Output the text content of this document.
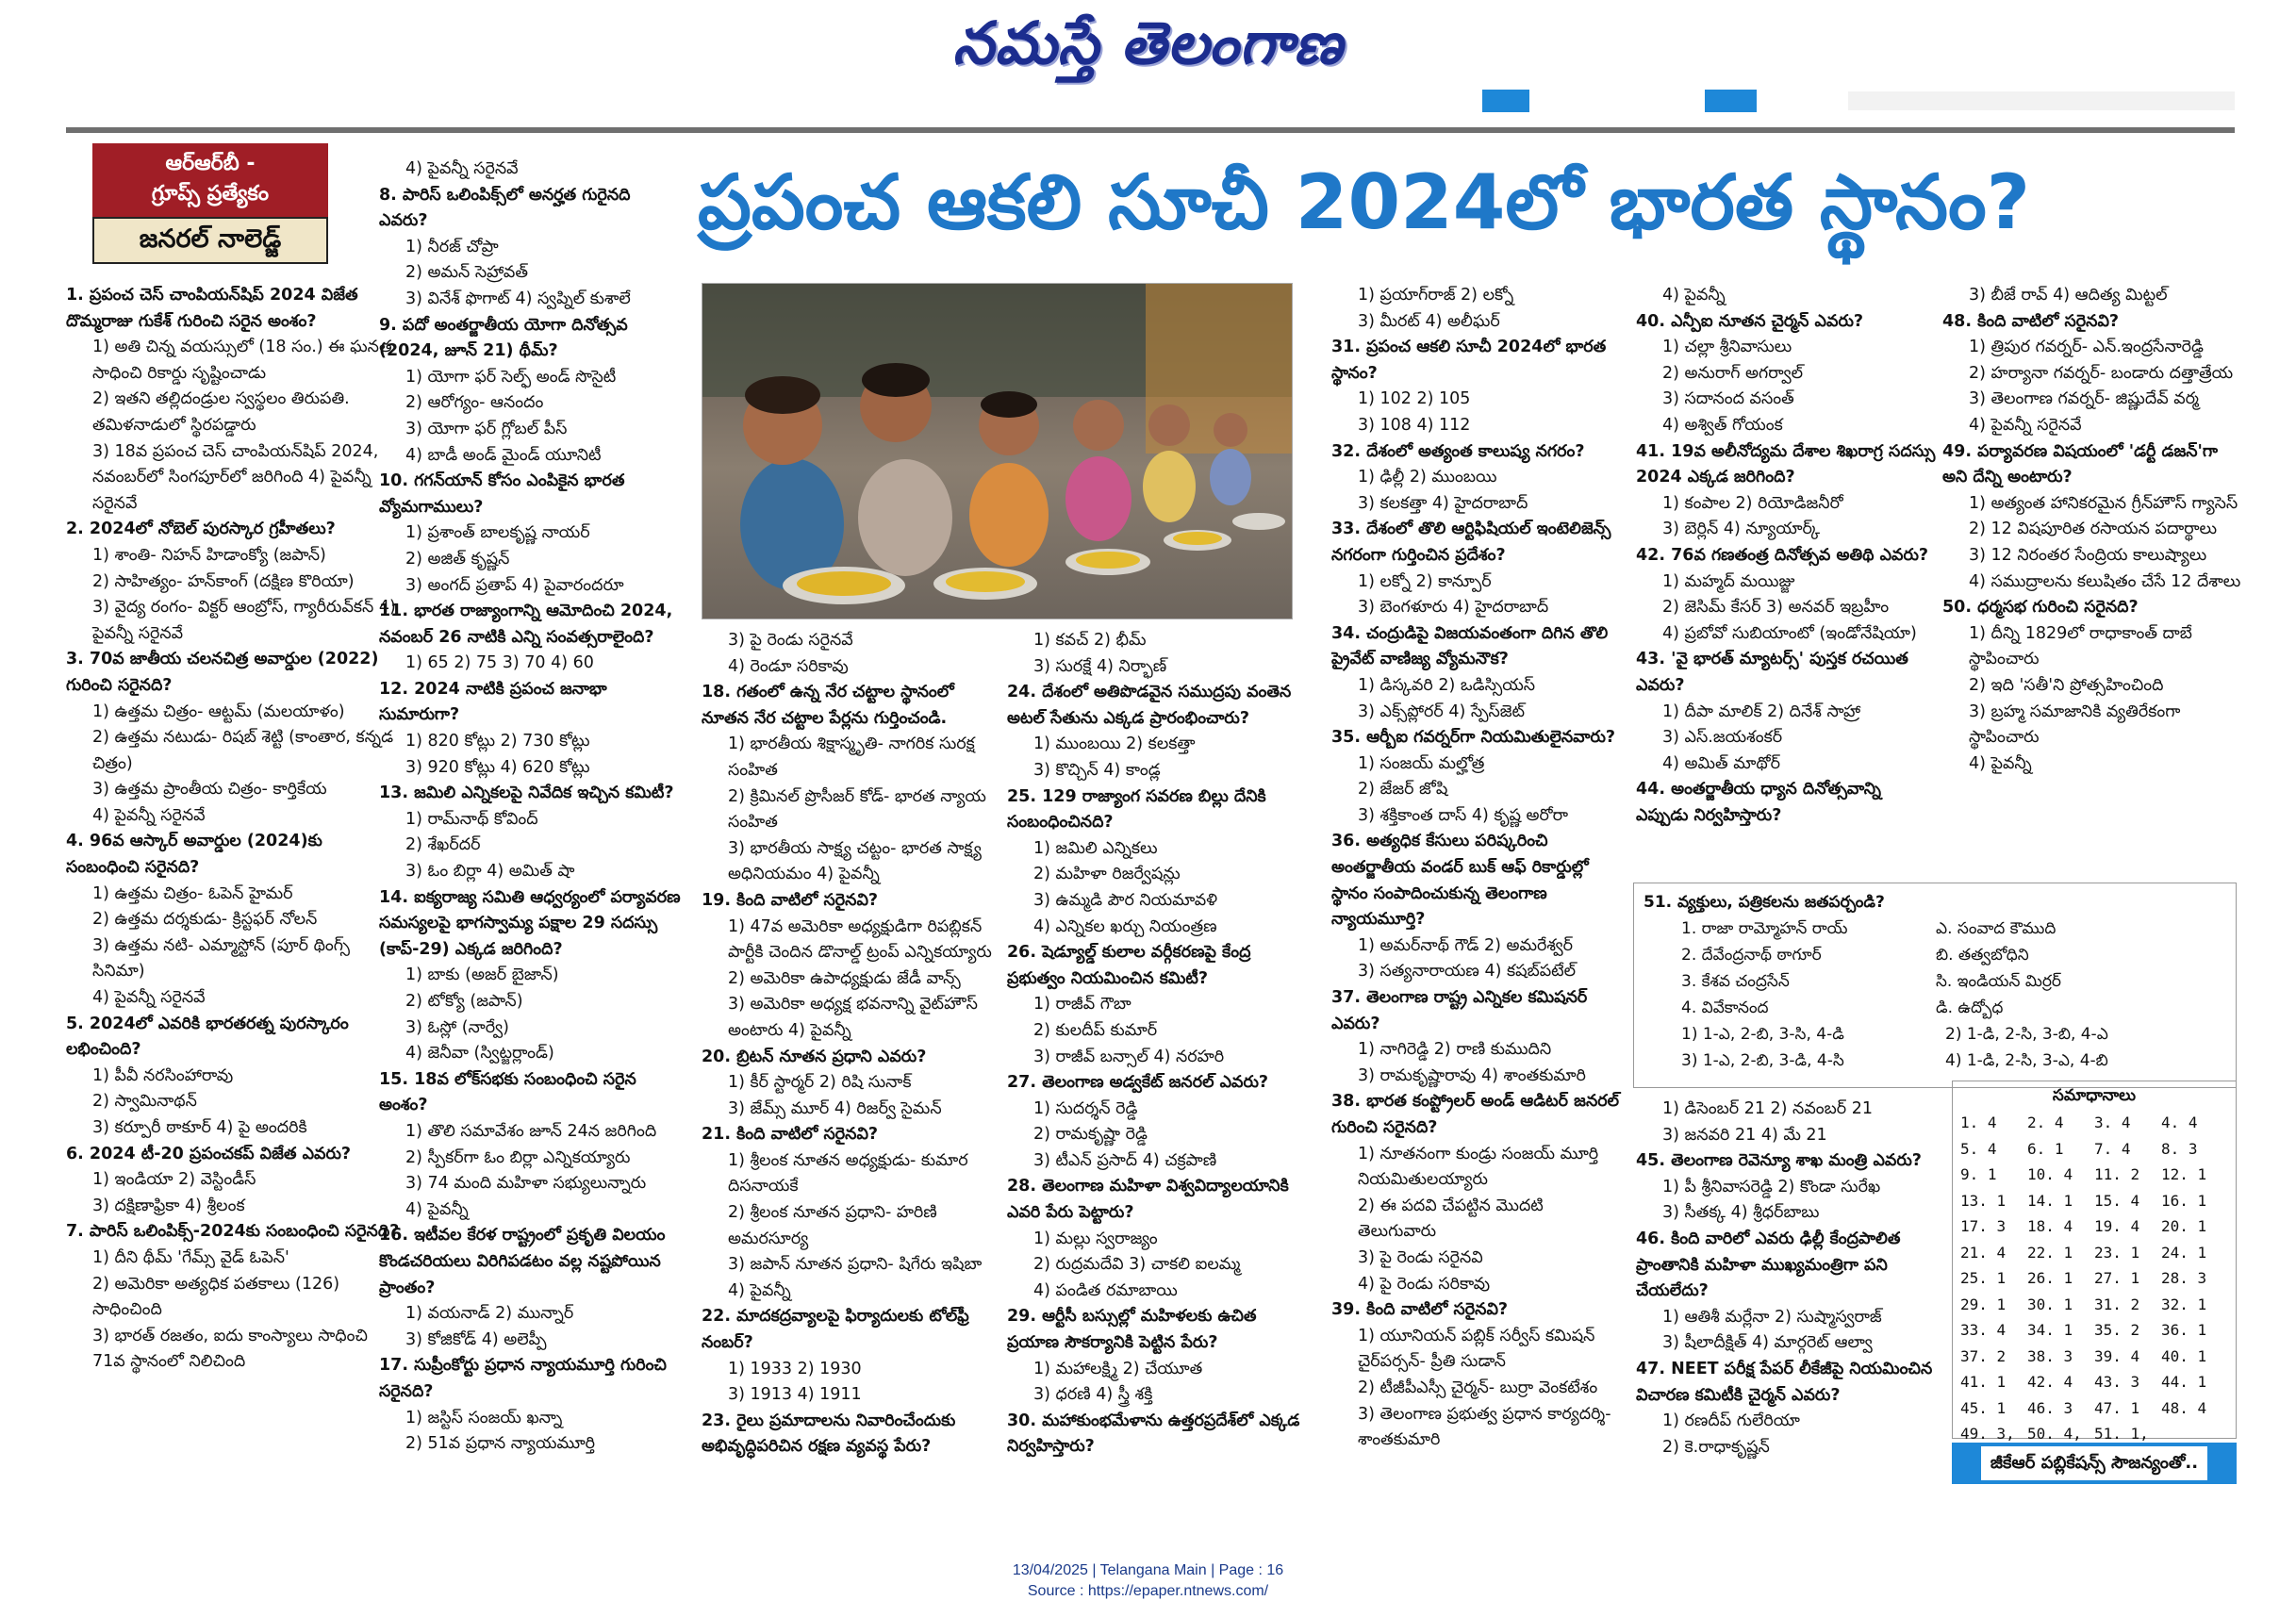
నమస్తే తెలంగాణ
ఆర్ఆర్‌బీ -
గ్రూప్స్ ప్రత్యేకం
జనరల్ నాలెడ్జ్	ప్రపంచ ఆకలి సూచీ 2024లో భారత స్థానం?
1. ప్రపంచ చెస్ చాంపియన్‌షిప్ 2024 విజేత దొమ్మరాజు గుకేశ్ గురించి సరైన అంశం?
1) అతి చిన్న వయస్సులో (18 సం.) ఈ ఘనత సాధించి రికార్డు సృష్టించాడు
2) ఇతని తల్లిదండ్రుల స్వస్థలం తిరుపతి. తమిళనాడులో స్థిరపడ్డారు
3) 18వ ప్రపంచ చెస్ చాంపియన్‌షిప్ 2024, నవంబర్‌లో సింగపూర్‌లో జరిగింది 4) పైవన్నీ సరైనవే
2. 2024లో నోబెల్ పురస్కార గ్రహీతలు?
1) శాంతి- నిహన్ హిడాంక్యో (జపాన్)
2) సాహిత్యం- హన్‌కాంగ్ (దక్షిణ కొరియా)
3) వైద్య రంగం- విక్టర్ ఆంబ్రోస్, గ్యారీరువ్‌కన్ 4) పైవన్నీ సరైనవే
3. 70వ జాతీయ చలనచిత్ర అవార్డుల (2022) గురించి సరైనది?
1) ఉత్తమ చిత్రం- ఆట్టమ్ (మలయాళం)
2) ఉత్తమ నటుడు- రిషబ్ శెట్టి (కాంతార, కన్నడ చిత్రం)
3) ఉత్తమ ప్రాంతీయ చిత్రం- కార్తికేయ
4) పైవన్నీ సరైనవే
4. 96వ ఆస్కార్ అవార్డుల (2024)కు సంబంధించి సరైనది?
1) ఉత్తమ చిత్రం- ఓపెన్ హైమర్
2) ఉత్తమ దర్శకుడు- క్రిస్టఫర్ నోలన్
3) ఉత్తమ నటి- ఎమ్మాస్టోన్ (పూర్ థింగ్స్ సినిమా)
4) పైవన్నీ సరైనవే
5. 2024లో ఎవరికి భారతరత్న పురస్కారం లభించింది?
1) పీవీ నరసింహారావు
2) స్వామినాథన్
3) కర్పూరీ ఠాకూర్ 4) పై అందరికి
6. 2024 టీ-20 ప్రపంచకప్ విజేత ఎవరు?
1) ఇండియా 2) వెస్టిండీస్
3) దక్షిణాఫ్రికా 4) శ్రీలంక
7. పారిస్ ఒలింపిక్స్-2024కు సంబంధించి సరైనది?
1) దీని థీమ్ 'గేమ్స్ వైడ్ ఓపెన్'
2) అమెరికా అత్యధిక పతకాలు (126) సాధించింది
3) భారత్ రజతం, ఐదు కాంస్యాలు సాధించి 71వ స్థానంలో నిలిచింది
4) పైవన్నీ సరైనవే
8. పారిస్ ఒలింపిక్స్‌లో అనర్హత గురైనది ఎవరు?
1) నీరజ్ చోప్రా
2) అమన్ సెహ్రావత్
3) వినేశ్ ఫొగాట్ 4) స్వప్నిల్ కుశాలే
9. పదో అంతర్జాతీయ యోగా దినోత్సవ (2024, జూన్ 21) థీమ్?
1) యోగా ఫర్ సెల్ఫ్ అండ్ సొసైటీ
2) ఆరోగ్యం- ఆనందం
3) యోగా ఫర్ గ్లోబల్ పీస్
4) బాడీ అండ్ మైండ్ యూనిటీ
10. గగన్‌యాన్ కోసం ఎంపికైన భారత వ్యోమగాములు?
1) ప్రశాంత్ బాలకృష్ణ నాయర్
2) అజిత్ కృష్ణన్
3) అంగద్ ప్రతాప్ 4) పైవారందరూ
11. భారత రాజ్యాంగాన్ని ఆమోదించి 2024, నవంబర్ 26 నాటికి ఎన్ని సంవత్సరాలైంది?
1) 65 2) 75 3) 70 4) 60
12. 2024 నాటికి ప్రపంచ జనాభా సుమారుగా?
1) 820 కోట్లు 2) 730 కోట్లు
3) 920 కోట్లు 4) 620 కోట్లు
13. జమిలి ఎన్నికలపై నివేదిక ఇచ్చిన కమిటీ?
1) రామ్‌నాథ్ కోవింద్
2) శేఖర్‌దర్
3) ఓం బిర్లా 4) అమిత్ షా
14. ఐక్యరాజ్య సమితి ఆధ్వర్యంలో పర్యావరణ సమస్యలపై భాగస్వామ్య పక్షాల 29 సదస్సు (కాప్-29) ఎక్కడ జరిగింది?
1) బాకు (అజర్ బైజాన్)
2) టోక్యో (జపాన్)
3) ఓస్లో (నార్వే)
4) జెనీవా (స్విట్జర్లాండ్)
15. 18వ లోక్‌సభకు సంబంధించి సరైన అంశం?
1) తొలి సమావేశం జూన్ 24న జరిగింది
2) స్పీకర్‌గా ఓం బిర్లా ఎన్నికయ్యారు
3) 74 మంది మహిళా సభ్యులున్నారు
4) పైవన్నీ
16. ఇటీవల కేరళ రాష్ట్రంలో ప్రకృతి విలయం కొండచరియలు విరిగిపడటం వల్ల నష్టపోయిన ప్రాంతం?
1) వయనాడ్ 2) మున్నార్
3) కోజికోడ్ 4) అలెప్పీ
17. సుప్రీంకోర్టు ప్రధాన న్యాయమూర్తి గురించి సరైనది?
1) జస్టిస్ సంజయ్ ఖన్నా
2) 51వ ప్రధాన న్యాయమూర్తి
3) పై రెండు సరైనవే
4) రెండూ సరికావు
18. గతంలో ఉన్న నేర చట్టాల స్థానంలో నూతన నేర చట్టాల పేర్లను గుర్తించండి.
1) భారతీయ శిక్షాస్మృతి- నాగరిక సురక్ష సంహిత
2) క్రిమినల్ ప్రొసీజర్ కోడ్- భారత న్యాయ సంహిత
3) భారతీయ సాక్ష్య చట్టం- భారత సాక్ష్య అధినియమం 4) పైవన్నీ
19. కింది వాటిలో సరైనవి?
1) 47వ అమెరికా అధ్యక్షుడిగా రిపబ్లికన్ పార్టీకి చెందిన డొనాల్డ్ ట్రంప్ ఎన్నికయ్యారు
2) అమెరికా ఉపాధ్యక్షుడు జేడీ వాన్స్
3) అమెరికా అధ్యక్ష భవనాన్ని వైట్‌హౌస్ అంటారు 4) పైవన్నీ
20. బ్రిటన్ నూతన ప్రధాని ఎవరు?
1) కీర్ స్టార్మర్ 2) రిషి సునాక్
3) జేమ్స్ మూర్ 4) రిజర్వ్ సైమన్
21. కింది వాటిలో సరైనవి?
1) శ్రీలంక నూతన అధ్యక్షుడు- కుమార దిసనాయకే
2) శ్రీలంక నూతన ప్రధాని- హరిణి అమరసూర్య
3) జపాన్ నూతన ప్రధాని- షిగేరు ఇషిబా 4) పైవన్నీ
22. మాదకద్రవ్యాలపై ఫిర్యాదులకు టోల్‌ఫ్రీ నంబర్?
1) 1933 2) 1930
3) 1913 4) 1911
23. రైలు ప్రమాదాలను నివారించేందుకు అభివృద్ధిపరిచిన రక్షణ వ్యవస్థ పేరు?
1) కవచ్ 2) భీమ్
3) సురక్షే 4) నిర్భాణ్
24. దేశంలో అతిపొడవైన సముద్రపు వంతెన అటల్ సేతును ఎక్కడ ప్రారంభించారు?
1) ముంబయి 2) కలకత్తా
3) కొచ్చిన్ 4) కాండ్ల
25. 129 రాజ్యాంగ సవరణ బిల్లు దేనికి సంబంధించినది?
1) జమిలి ఎన్నికలు
2) మహిళా రిజర్వేషన్లు
3) ఉమ్మడి పౌర నియమావళి
4) ఎన్నికల ఖర్చు నియంత్రణ
26. షెడ్యూల్డ్ కులాల వర్గీకరణపై కేంద్ర ప్రభుత్వం నియమించిన కమిటీ?
1) రాజీవ్ గౌబా
2) కులదీప్ కుమార్
3) రాజీవ్ బన్సాల్ 4) నరహరి
27. తెలంగాణ అడ్వకేట్ జనరల్ ఎవరు?
1) సుదర్శన్ రెడ్డి
2) రామకృష్ణా రెడ్డి
3) టీఎన్ ప్రసాద్ 4) చక్రపాణి
28. తెలంగాణ మహిళా విశ్వవిద్యాలయానికి ఎవరి పేరు పెట్టారు?
1) మల్లు స్వరాజ్యం
2) రుద్రమదేవి 3) చాకలి ఐలమ్మ
4) పండిత రమాబాయి
29. ఆర్టీసీ బస్సుల్లో మహిళలకు ఉచిత ప్రయాణ సౌకర్యానికి పెట్టిన పేరు?
1) మహాలక్ష్మి 2) చేయూత
3) ధరణి 4) స్త్రీ శక్తి
30. మహాకుంభమేళాను ఉత్తరప్రదేశ్‌లో ఎక్కడ నిర్వహిస్తారు?
1) ప్రయాగ్‌రాజ్ 2) లక్నో
3) మీరట్ 4) అలీఘర్
31. ప్రపంచ ఆకలి సూచీ 2024లో భారత స్థానం?
1) 102 2) 105
3) 108 4) 112
32. దేశంలో అత్యంత కాలుష్య నగరం?
1) ఢిల్లీ 2) ముంబయి
3) కలకత్తా 4) హైదరాబాద్
33. దేశంలో తొలి ఆర్టిఫిషియల్ ఇంటెలిజెన్స్ నగరంగా గుర్తించిన ప్రదేశం?
1) లక్నో 2) కాన్పూర్
3) బెంగళూరు 4) హైదరాబాద్
34. చంద్రుడిపై విజయవంతంగా దిగిన తొలి ప్రైవేట్ వాణిజ్య వ్యోమనౌక?
1) డిస్కవరి 2) ఒడిస్సియస్
3) ఎక్స్‌ప్లోరర్ 4) స్పేస్‌జెట్
35. ఆర్బీఐ గవర్నర్‌గా నియమితులైనవారు?
1) సంజయ్ మల్హోత్ర
2) జేజర్ జోషి
3) శక్తికాంత దాస్ 4) కృష్ణ అరోరా
36. అత్యధిక కేసులు పరిష్కరించి అంతర్జాతీయ వండర్ బుక్ ఆఫ్ రికార్డుల్లో స్థానం సంపాదించుకున్న తెలంగాణ న్యాయమూర్తి?
1) అమర్‌నాథ్ గౌడ్ 2) అమరేశ్వర్
3) సత్యనారాయణ 4) కషబ్‌పటేల్
37. తెలంగాణ రాష్ట్ర ఎన్నికల కమిషనర్ ఎవరు?
1) నాగిరెడ్డి 2) రాణి కుముదిని
3) రామకృష్ణారావు 4) శాంతకుమారి
38. భారత కంప్ట్రోలర్ అండ్ ఆడిటర్ జనరల్ గురించి సరైనది?
1) నూతనంగా కుండ్రు సంజయ్ మూర్తి నియమితులయ్యారు
2) ఈ పదవి చేపట్టిన మొదటి తెలుగువారు
3) పై రెండు సరైనవి
4) పై రెండు సరికావు
39. కింది వాటిలో సరైనవి?
1) యూనియన్ పబ్లిక్ సర్వీస్ కమిషన్ చైర్‌పర్సన్- ప్రీతి సుడాన్
2) టీజీపీఎస్సీ చైర్మన్- బుర్రా వెంకటేశం
3) తెలంగాణ ప్రభుత్వ ప్రధాన కార్యదర్శి- శాంతకుమారి
4) పైవన్నీ
40. ఎన్పీఐ నూతన చైర్మన్ ఎవరు?
1) చల్లా శ్రీనివాసులు
2) అనురాగ్ అగర్వాల్
3) సదానంద వసంత్
4) అశ్విత్ గోయంక
41. 19వ అలీనోద్యమ దేశాల శిఖరాగ్ర సదస్సు 2024 ఎక్కడ జరిగింది?
1) కంపాల 2) రియోడిజనీరో
3) బెర్లిన్ 4) న్యూయార్క్
42. 76వ గణతంత్ర దినోత్సవ అతిథి ఎవరు?
1) మహ్మద్ మయిజ్జు
2) జెసిమ్ కేసర్ 3) అనవర్ ఇబ్రహీం
4) ప్రబోవో సుబియాంటో (ఇండోనేషియా)
43. 'వై భారత్ మ్యాటర్స్' పుస్తక రచయిత ఎవరు?
1) దీపా మాలిక్ 2) దినేశ్ సాహ్రా
3) ఎస్.జయశంకర్
4) అమిత్ మాథోర్
44. అంతర్జాతీయ ధ్యాన దినోత్సవాన్ని ఎప్పుడు నిర్వహిస్తారు?
3) బీజే రావ్ 4) ఆదిత్య మిట్టల్
48. కింది వాటిలో సరైనవి?
1) త్రిపుర గవర్నర్- ఎన్.ఇంద్రసేనారెడ్డి
2) హర్యానా గవర్నర్- బండారు దత్తాత్రేయ
3) తెలంగాణ గవర్నర్- జిష్ణుదేవ్ వర్మ
4) పైవన్నీ సరైనవే
49. పర్యావరణ విషయంలో 'డర్టీ డజన్'గా అని దేన్ని అంటారు?
1) అత్యంత హానికరమైన గ్రీన్‌హౌస్ గ్యాసెస్
2) 12 విషపూరిత రసాయన పదార్థాలు
3) 12 నిరంతర సేంద్రియ కాలుష్యాలు
4) సముద్రాలను కలుషితం చేసే 12 దేశాలు
50. ధర్మసభ గురించి సరైనది?
1) దీన్ని 1829లో రాధాకాంత్ దాబే స్థాపించారు
2) ఇది 'సతీ'ని ప్రోత్సహించింది
3) బ్రహ్మ సమాజానికి వ్యతిరేకంగా స్థాపించారు
4) పైవన్నీ
1) డిసెంబర్ 21 2) నవంబర్ 21
3) జనవరి 21 4) మే 21
45. తెలంగాణ రెవెన్యూ శాఖ మంత్రి ఎవరు?
1) పీ శ్రీనివాసరెడ్డి 2) కొండా సురేఖ
3) సీతక్క 4) శ్రీధర్‌బాబు
46. కింది వారిలో ఎవరు ఢిల్లీ కేంద్రపాలిత ప్రాంతానికి మహిళా ముఖ్యమంత్రిగా పని చేయలేదు?
1) ఆతిశీ మర్లేనా 2) సుష్మాస్వరాజ్
3) షీలాదీక్షిత్ 4) మార్గరెట్ ఆల్వా
47. NEET పరీక్ష పేపర్ లీకేజీపై నియమించిన విచారణ కమిటీకి చైర్మన్ ఎవరు?
1) రణదీప్ గులేరియా
2) కె.రాధాకృష్ణన్
51. వ్యక్తులు, పత్రికలను జతపర్చండి?
1. రాజా రామ్మోహన్ రాయ్	ఎ. సంవాద కౌముది
2. దేవేంద్రనాథ్ ఠాగూర్	బి. తత్వబోధిని
3. కేశవ చంద్రసేన్	సి. ఇండియన్ మిర్రర్
4. వివేకానంద	డి. ఉద్బోధ
1) 1-ఎ, 2-బి, 3-సి, 4-డి	2) 1-డి, 2-సి, 3-బి, 4-ఎ
3) 1-ఎ, 2-బి, 3-డి, 4-సి	4) 1-డి, 2-సి, 3-ఎ, 4-బి
సమాధానాలు
1. 4	2. 4	3. 4	4. 4
5. 4	6. 1	7. 4	8. 3
9. 1	10. 4	11. 2	12. 1
13. 1	14. 1	15. 4	16. 1
17. 3	18. 4	19. 4	20. 1
21. 4	22. 1	23. 1	24. 1
25. 1	26. 1	27. 1	28. 3
29. 1	30. 1	31. 2	32. 1
33. 4	34. 1	35. 2	36. 1
37. 2	38. 3	39. 4	40. 1
41. 1	42. 4	43. 3	44. 1
45. 1	46. 3	47. 1	48. 4
49. 3, 50. 4, 51. 1,
జీకేఆర్ పబ్లికేషన్స్ సౌజన్యంతో..
13/04/2025 | Telangana Main | Page : 16
Source : https://epaper.ntnews.com/
